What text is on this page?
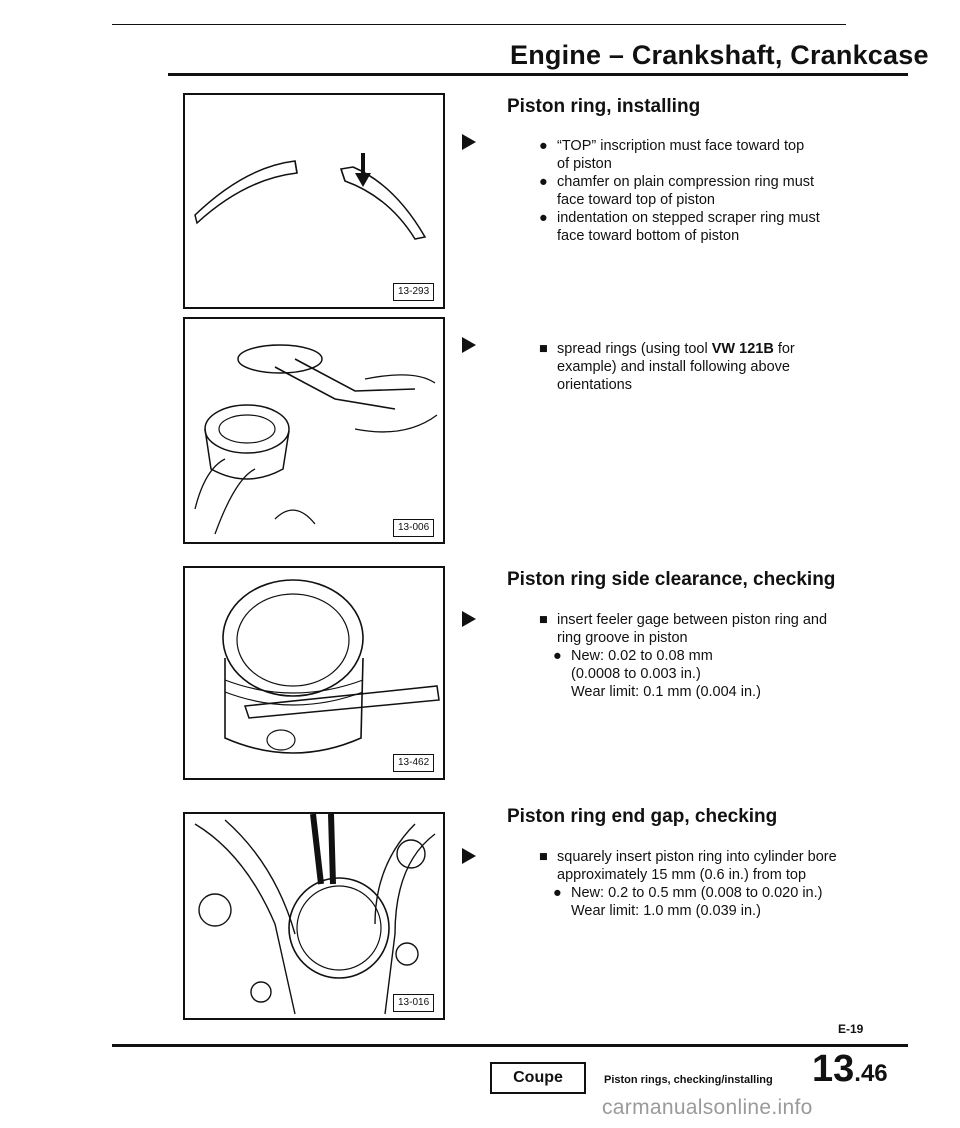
Engine – Crankshaft, Crankcase
13-293
13-006
13-462
13-016
Piston ring, installing
● “TOP” inscription must face toward top
of piston
● chamfer on plain compression ring must
face toward top of piston
● indentation on stepped scraper ring must
face toward bottom of piston
■ spread rings (using tool VW 121B for
example) and install following above
orientations
Piston ring side clearance, checking
■ insert feeler gage between piston ring and
ring groove in piston
● New: 0.02 to 0.08 mm
(0.0008 to 0.003 in.)
Wear limit: 0.1 mm (0.004 in.)
Piston ring end gap, checking
■ squarely insert piston ring into cylinder bore
approximately 15 mm (0.6 in.) from top
● New: 0.2 to 0.5 mm (0.008 to 0.020 in.)
Wear limit: 1.0 mm (0.039 in.)
E-19
Coupe	Piston rings, checking/installing 13.46
carmanualsonline.info
